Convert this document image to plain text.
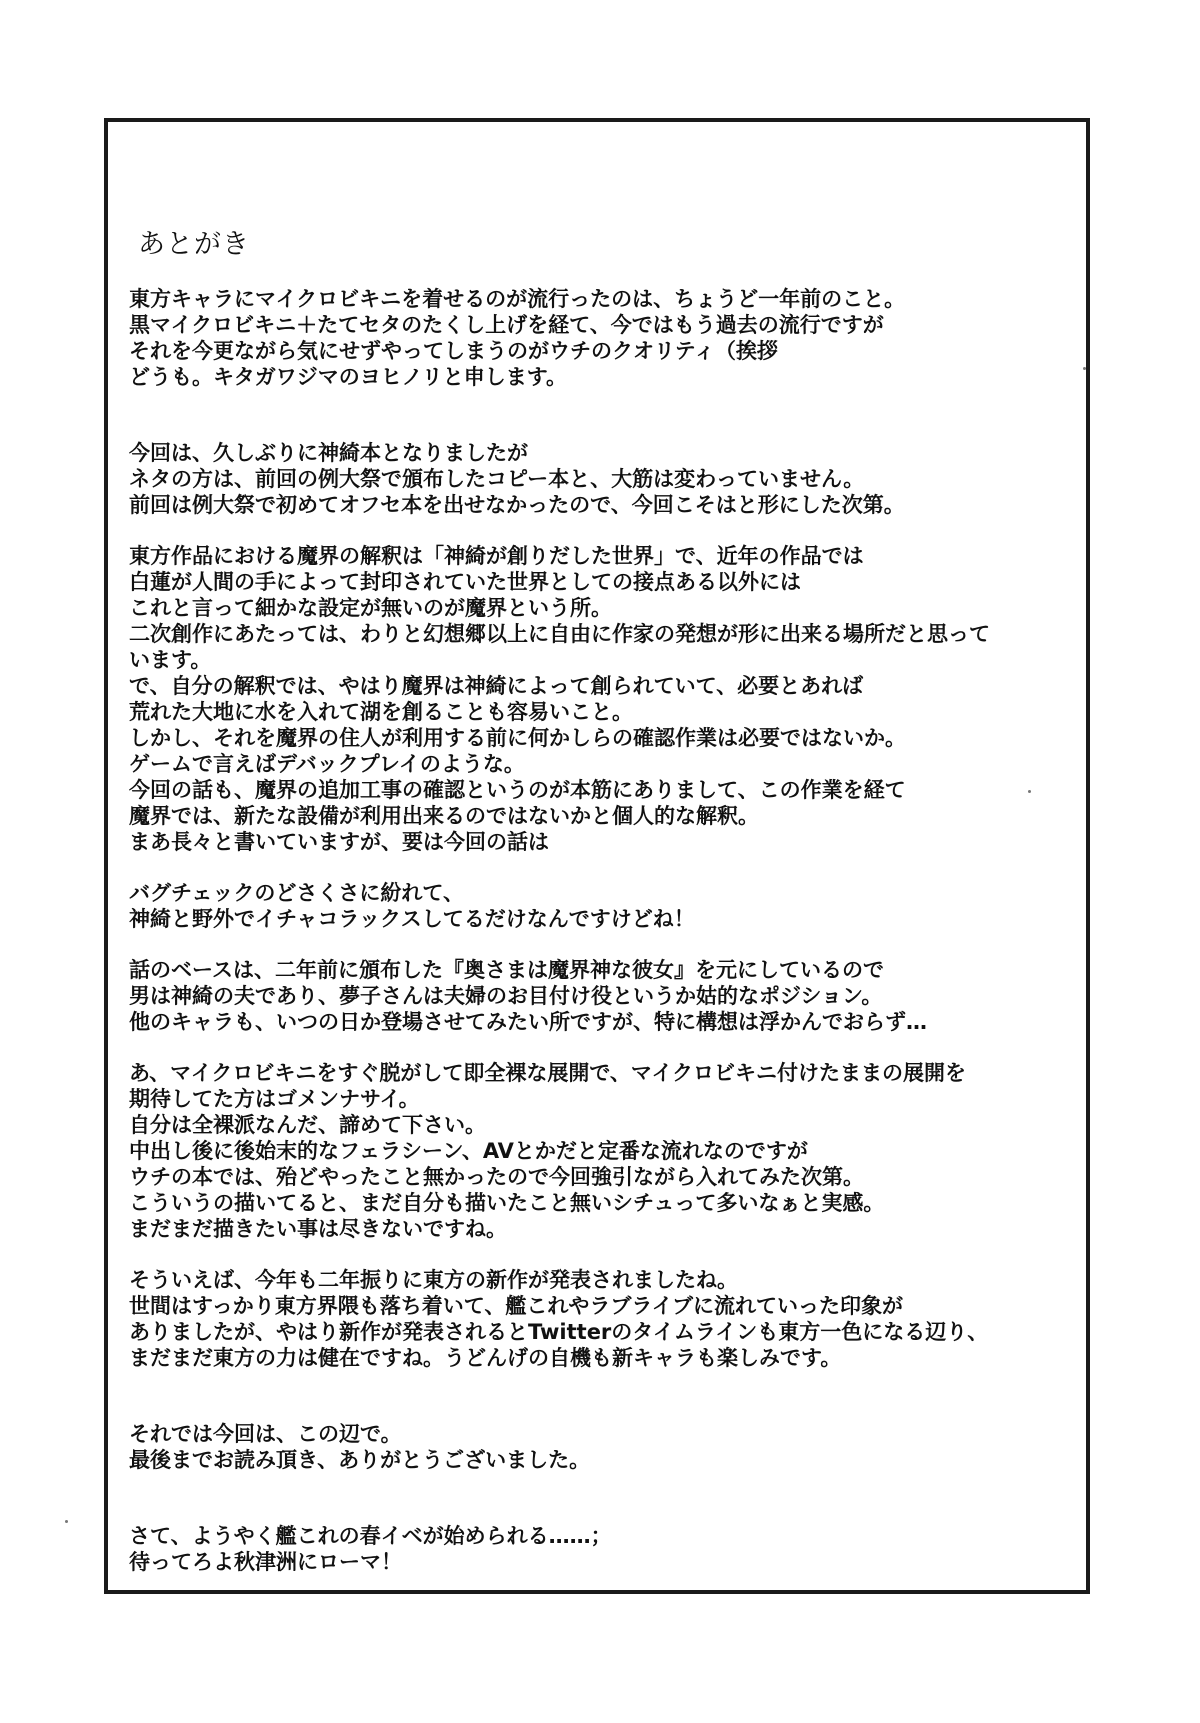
あとがき

東方キャラにマイクロビキニを着せるのが流行ったのは、ちょうど一年前のこと。
黒マイクロビキニ＋たてセタのたくし上げを経て、今ではもう過去の流行ですが
それを今更ながら気にせずやってしまうのがウチのクオリティ（挨拶
どうも。キタガワジマのヨヒノリと申します。

今回は、久しぶりに神綺本となりましたが
ネタの方は、前回の例大祭で頒布したコピー本と、大筋は変わっていません。
前回は例大祭で初めてオフセ本を出せなかったので、今回こそはと形にした次第。

東方作品における魔界の解釈は「神綺が創りだした世界」で、近年の作品では
白蓮が人間の手によって封印されていた世界としての接点ある以外には
これと言って細かな設定が無いのが魔界という所。
二次創作にあたっては、わりと幻想郷以上に自由に作家の発想が形に出来る場所だと思って
います。
で、自分の解釈では、やはり魔界は神綺によって創られていて、必要とあれば
荒れた大地に水を入れて湖を創ることも容易いこと。
しかし、それを魔界の住人が利用する前に何かしらの確認作業は必要ではないか。
ゲームで言えばデバックプレイのような。
今回の話も、魔界の追加工事の確認というのが本筋にありまして、この作業を経て
魔界では、新たな設備が利用出来るのではないかと個人的な解釈。
まあ長々と書いていますが、要は今回の話は

バグチェックのどさくさに紛れて、
神綺と野外でイチャコラックスしてるだけなんですけどね！

話のベースは、二年前に頒布した『奥さまは魔界神な彼女』を元にしているので
男は神綺の夫であり、夢子さんは夫婦のお目付け役というか姑的なポジション。
他のキャラも、いつの日か登場させてみたい所ですが、特に構想は浮かんでおらず…

あ、マイクロビキニをすぐ脱がして即全裸な展開で、マイクロビキニ付けたままの展開を
期待してた方はゴメンナサイ。
自分は全裸派なんだ、諦めて下さい。
中出し後に後始末的なフェラシーン、AVとかだと定番な流れなのですが
ウチの本では、殆どやったこと無かったので今回強引ながら入れてみた次第。
こういうの描いてると、まだ自分も描いたこと無いシチュって多いなぁと実感。
まだまだ描きたい事は尽きないですね。

そういえば、今年も二年振りに東方の新作が発表されましたね。
世間はすっかり東方界隈も落ち着いて、艦これやラブライブに流れていった印象が
ありましたが、やはり新作が発表されるとTwitterのタイムラインも東方一色になる辺り、
まだまだ東方の力は健在ですね。うどんげの自機も新キャラも楽しみです。

それでは今回は、この辺で。
最後までお読み頂き、ありがとうございました。

さて、ようやく艦これの春イベが始められる……；
待ってろよ秋津洲にローマ！
